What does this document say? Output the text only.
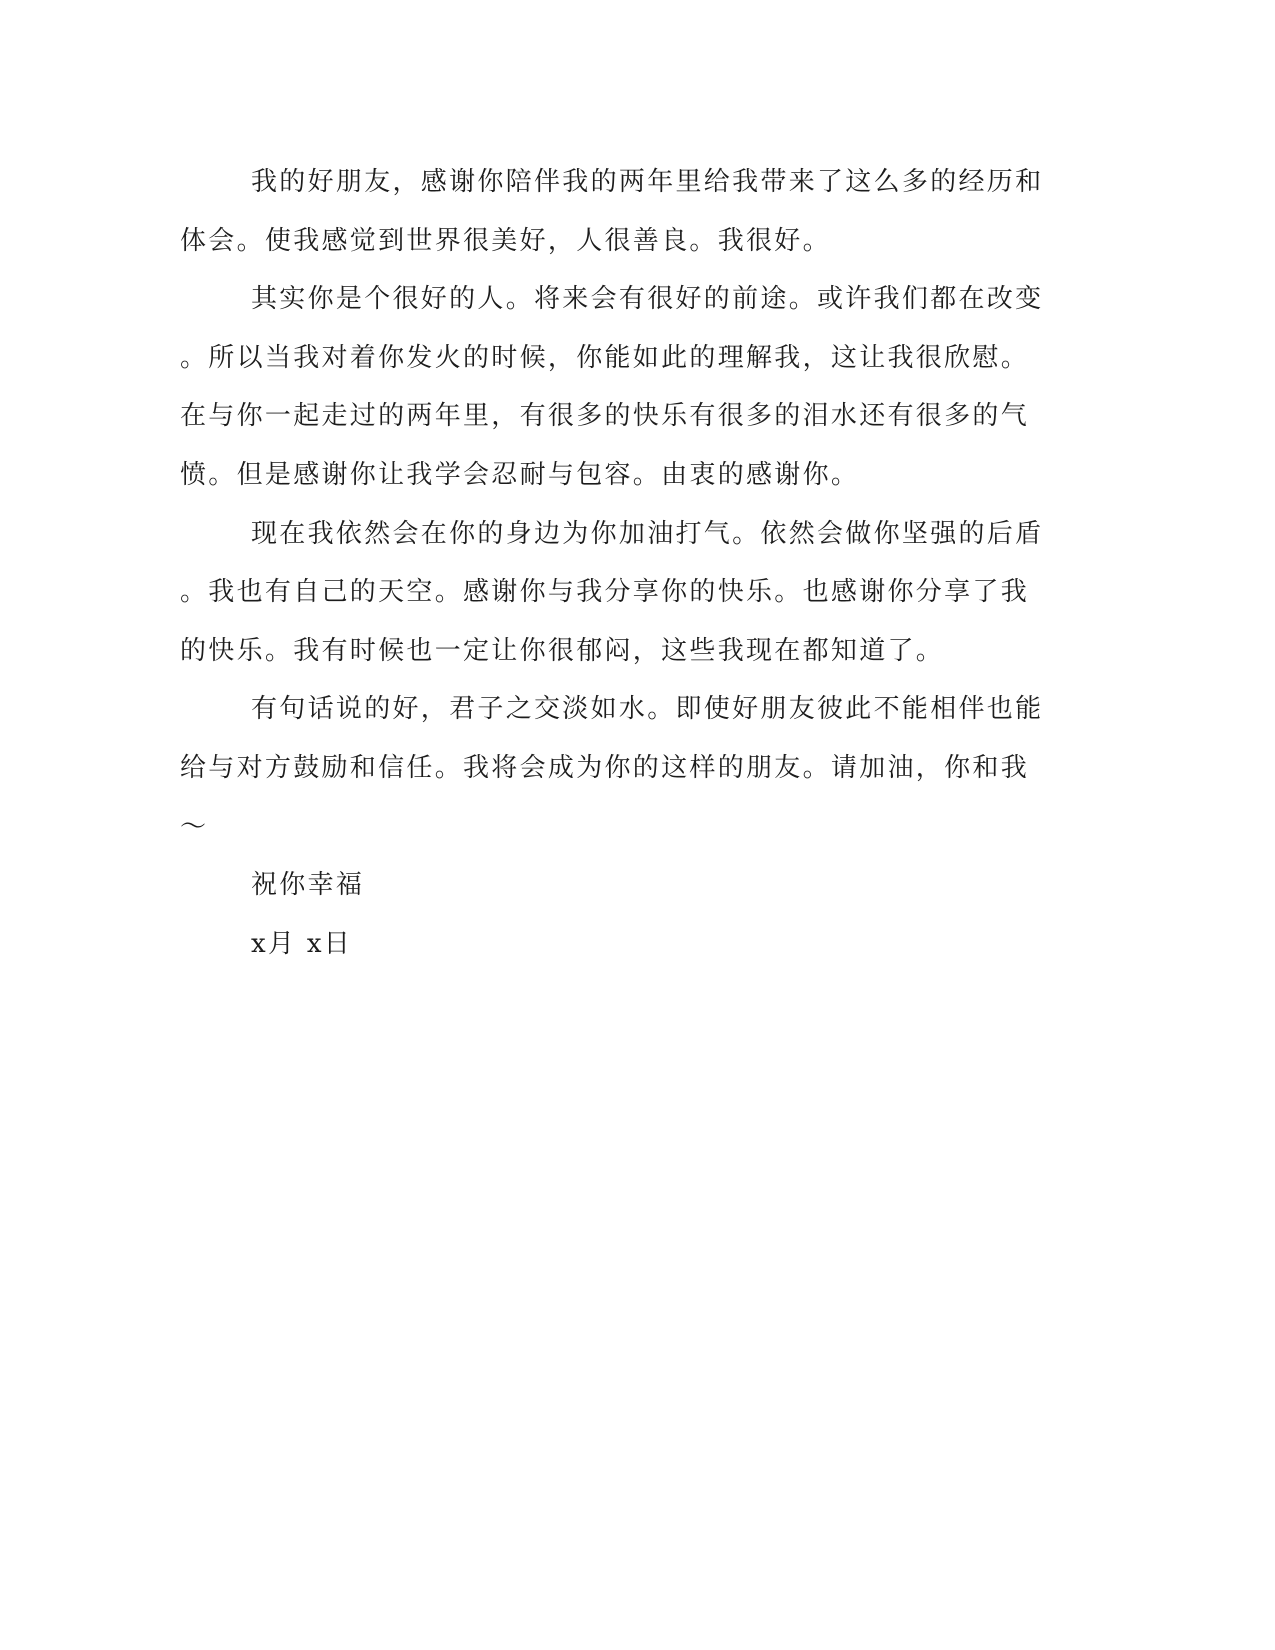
我的好朋友，感谢你陪伴我的两年里给我带来了这么多的经历和
体会。使我感觉到世界很美好，人很善良。我很好。
其实你是个很好的人。将来会有很好的前途。或许我们都在改变
。所以当我对着你发火的时候，你能如此的理解我，这让我很欣慰。
在与你一起走过的两年里，有很多的快乐有很多的泪水还有很多的气
愤。但是感谢你让我学会忍耐与包容。由衷的感谢你。
现在我依然会在你的身边为你加油打气。依然会做你坚强的后盾
。我也有自己的天空。感谢你与我分享你的快乐。也感谢你分享了我
的快乐。我有时候也一定让你很郁闷，这些我现在都知道了。
有句话说的好，君子之交淡如水。即使好朋友彼此不能相伴也能
给与对方鼓励和信任。我将会成为你的这样的朋友。请加油，你和我
～
祝你幸福
x月 x日
